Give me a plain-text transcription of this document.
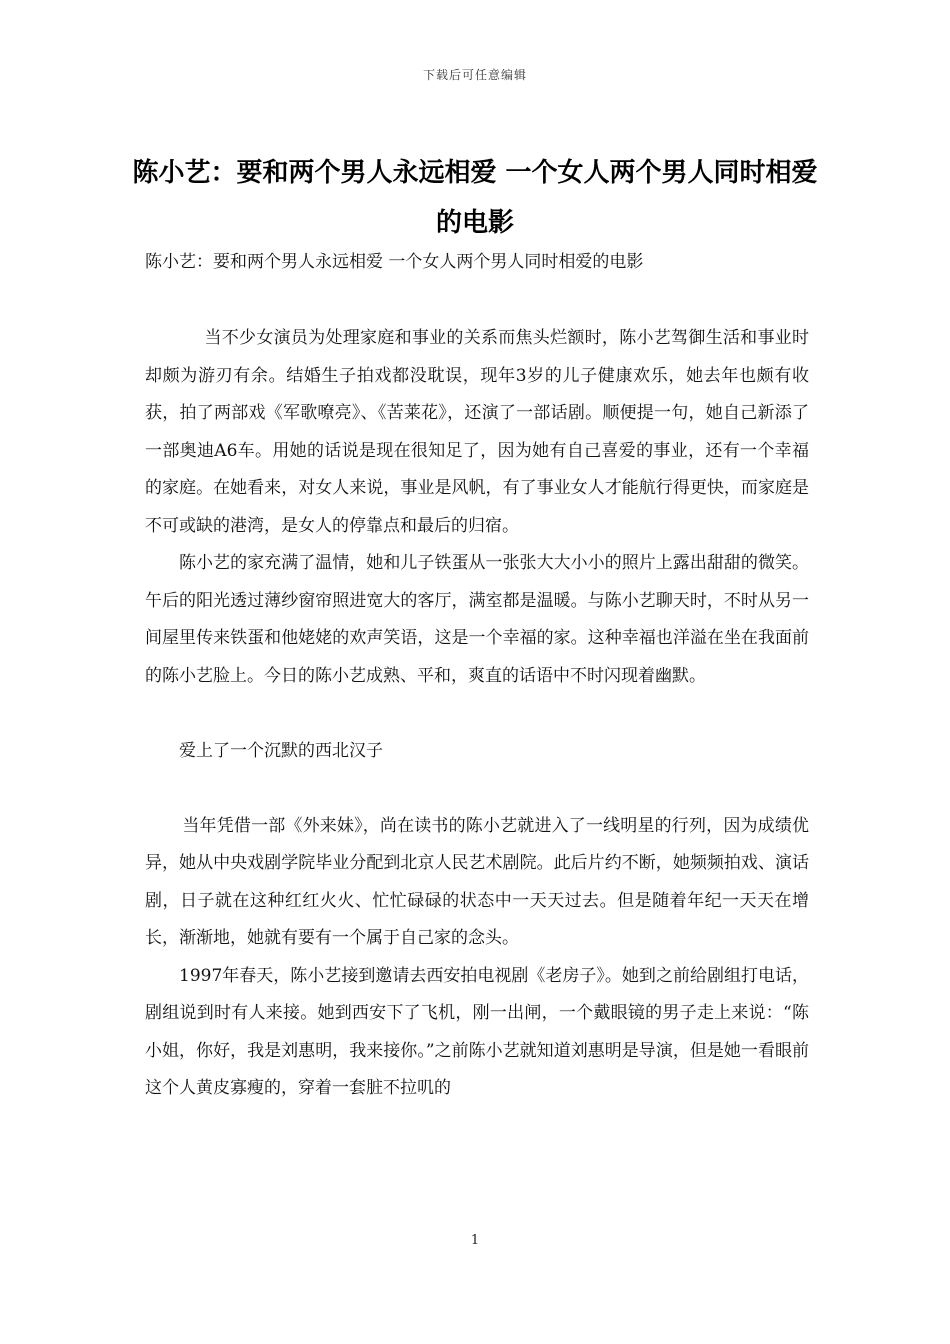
下载后可任意编辑
陈小艺：要和两个男人永远相爱 一个女人两个男人同时相爱的电影
陈小艺：要和两个男人永远相爱 一个女人两个男人同时相爱的电影

当不少女演员为处理家庭和事业的关系而焦头烂额时，陈小艺驾御生活和事业时却颇为游刃有余。结婚生子拍戏都没耽误，现年3岁的儿子健康欢乐，她去年也颇有收获，拍了两部戏《军歌嘹亮》、《苦莱花》，还演了一部话剧。顺便提一句，她自己新添了一部奥迪A6车。用她的话说是现在很知足了，因为她有自己喜爱的事业，还有一个幸福的家庭。在她看来，对女人来说，事业是风帆，有了事业女人才能航行得更快，而家庭是不可或缺的港湾，是女人的停靠点和最后的归宿。

陈小艺的家充满了温情，她和儿子铁蛋从一张张大大小小的照片上露出甜甜的微笑。午后的阳光透过薄纱窗帘照进宽大的客厅，满室都是温暖。与陈小艺聊天时，不时从另一间屋里传来铁蛋和他姥姥的欢声笑语，这是一个幸福的家。这种幸福也洋溢在坐在我面前的陈小艺脸上。今日的陈小艺成熟、平和，爽直的话语中不时闪现着幽默。

爱上了一个沉默的西北汉子

当年凭借一部《外来妹》，尚在读书的陈小艺就进入了一线明星的行列，因为成绩优异，她从中央戏剧学院毕业分配到北京人民艺术剧院。此后片约不断，她频频拍戏、演话剧，日子就在这种红红火火、忙忙碌碌的状态中一天天过去。但是随着年纪一天天在增长，渐渐地，她就有要有一个属于自己家的念头。

1997年春天，陈小艺接到邀请去西安拍电视剧《老房子》。她到之前给剧组打电话，剧组说到时有人来接。她到西安下了飞机，刚一出闸，一个戴眼镜的男子走上来说：“陈小姐，你好，我是刘惠明，我来接你。”之前陈小艺就知道刘惠明是导演，但是她一看眼前这个人黄皮寡瘦的，穿着一套脏不拉叽的

1
